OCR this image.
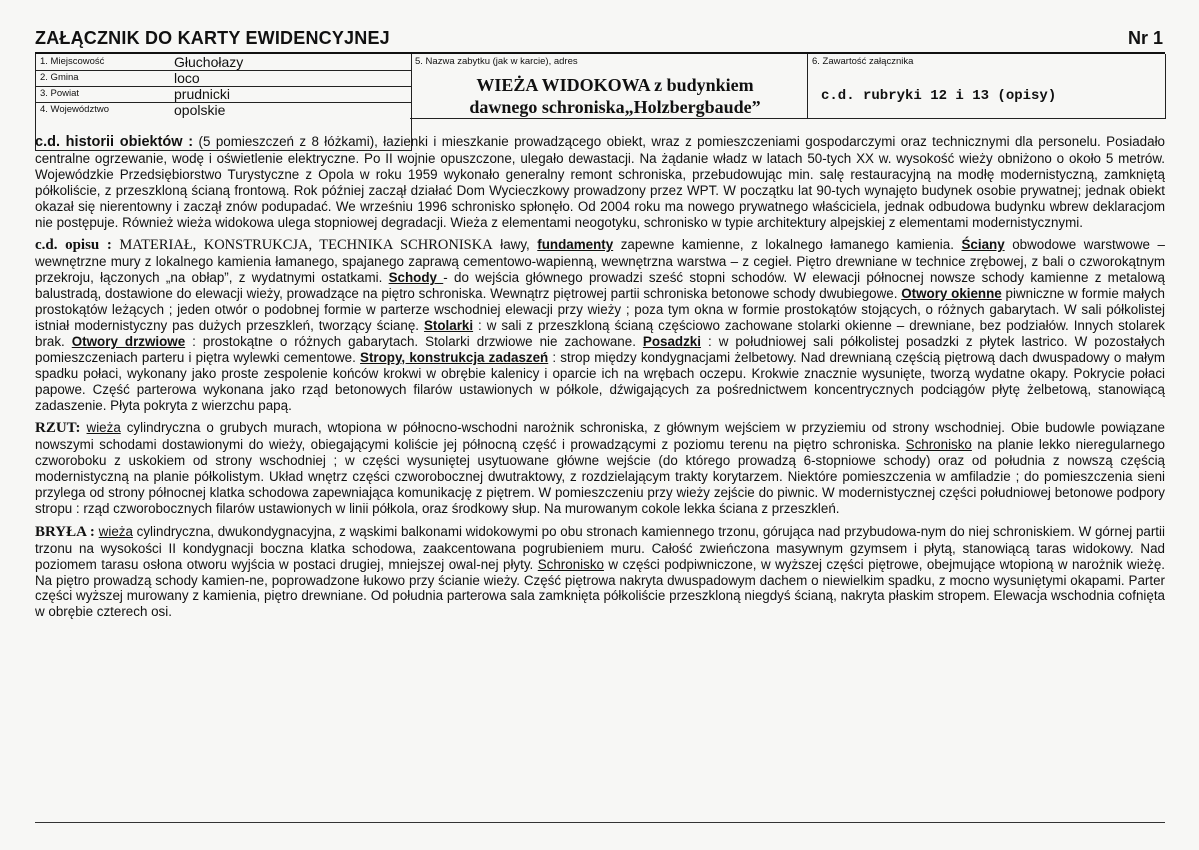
ZAŁĄCZNIK DO KARTY EWIDENCYJNEJ	Nr 1
1. Miejscowość	Głuchołazy
2. Gmina	loco
3. Powiat	prudnicki
4. Województwo	opolskie
5. Nazwa zabytku (jak w karcie), adres
WIEŻA WIDOKOWA z budynkiem
dawnego schroniska„Holzbergbaude”
6. Zawartość załącznika
c.d. rubryki 12 i 13 (opisy)

c.d. historii obiektów : (5 pomieszczeń z 8 łóżkami), łazienki i mieszkanie prowadzącego obiekt, wraz z pomieszczeniami gospodarczymi oraz technicznymi dla personelu. Posiadało centralne ogrzewanie, wodę i oświetlenie elektryczne. Po II wojnie opuszczone, ulegało dewastacji. Na żądanie władz w latach 50-tych XX w. wysokość wieży obniżono o około 5 metrów. Wojewódzkie Przedsiębiorstwo Turystyczne z Opola w roku 1959 wykonało generalny remont schroniska, przebudowując min. salę restauracyjną na modłę modernistyczną, zamkniętą półkoliście, z przeszkloną ścianą frontową. Rok później zaczął działać Dom Wycieczkowy prowadzony przez WPT. W początku lat 90-tych wynajęto budynek osobie prywatnej; jednak obiekt okazał się nierentowny i zaczął znów podupadać. We wrześniu 1996 schronisko spłonęło. Od 2004 roku ma nowego prywatnego właściciela, jednak odbudowa budynku wbrew deklaracjom nie postępuje. Również wieża widokowa ulega stopniowej degradacji. Wieża z elementami neogotyku, schronisko w typie architektury alpejskiej z elementami modernistycznymi.

c.d. opisu : MATERIAŁ, KONSTRUKCJA, TECHNIKA SCHRONISKA ławy, fundamenty zapewne kamienne, z lokalnego łamanego kamienia. Ściany obwodowe warstwowe – wewnętrzne mury z lokalnego kamienia łamanego, spajanego zaprawą cementowo-wapienną, wewnętrzna warstwa – z cegieł. Piętro drewniane w technice zrębowej, z bali o czworokątnym przekroju, łączonych „na obłap”, z wydatnymi ostatkami. Schody - do wejścia głównego prowadzi sześć stopni schodów. W elewacji północnej nowsze schody kamienne z metalową balustradą, dostawione do elewacji wieży, prowadzące na piętro schroniska. Wewnątrz piętrowej partii schroniska betonowe schody dwubiegowe. Otwory okienne piwniczne w formie małych prostokątów leżących ; jeden otwór o podobnej formie w parterze wschodniej elewacji przy wieży ; poza tym okna w formie prostokątów stojących, o różnych gabarytach. W sali półkolistej istniał modernistyczny pas dużych przeszkleń, tworzący ścianę. Stolarki : w sali z przeszkloną ścianą częściowo zachowane stolarki okienne – drewniane, bez podziałów. Innych stolarek brak. Otwory drzwiowe : prostokątne o różnych gabarytach. Stolarki drzwiowe nie zachowane. Posadzki : w południowej sali półkolistej posadzki z płytek lastrico. W pozostałych pomieszczeniach parteru i piętra wylewki cementowe. Stropy, konstrukcja zadaszeń : strop między kondygnacjami żelbetowy. Nad drewnianą częścią piętrową dach dwuspadowy o małym spadku połaci, wykonany jako proste zespolenie końców krokwi w obrębie kalenicy i oparcie ich na wrębach oczepu. Krokwie znacznie wysunięte, tworzą wydatne okapy. Pokrycie połaci papowe. Część parterowa wykonana jako rząd betonowych filarów ustawionych w półkole, dźwigających za pośrednictwem koncentrycznych podciągów płytę żelbetową, stanowiącą zadaszenie. Płyta pokryta z wierzchu papą.

RZUT: wieża cylindryczna o grubych murach, wtopiona w północno-wschodni narożnik schroniska, z głównym wejściem w przyziemiu od strony wschodniej. Obie budowle powiązane nowszymi schodami dostawionymi do wieży, obiegającymi koliście jej północną część i prowadzącymi z poziomu terenu na piętro schroniska. Schronisko na planie lekko nieregularnego czworoboku z uskokiem od strony wschodniej ; w części wysuniętej usytuowane główne wejście (do którego prowadzą 6-stopniowe schody) oraz od południa z nowszą częścią modernistyczną na planie półkolistym. Układ wnętrz części czworobocznej dwutraktowy, z rozdzielającym trakty korytarzem. Niektóre pomieszczenia w amfiladzie ; do pomieszczenia sieni przylega od strony północnej klatka schodowa zapewniająca komunikację z piętrem. W pomieszczeniu przy wieży zejście do piwnic. W modernistycznej części południowej betonowe podpory stropu : rząd czworobocznych filarów ustawionych w linii półkola, oraz środkowy słup. Na murowanym cokole lekka ściana z przeszkleń.

BRYŁA : wieża cylindryczna, dwukondygnacyjna, z wąskimi balkonami widokowymi po obu stronach kamiennego trzonu, górująca nad przybudowa-nym do niej schroniskiem. W górnej partii trzonu na wysokości II kondygnacji boczna klatka schodowa, zaakcentowana pogrubieniem muru. Całość zwieńczona masywnym gzymsem i płytą, stanowiącą taras widokowy. Nad poziomem tarasu osłona otworu wyjścia w postaci drugiej, mniejszej owal-nej płyty. Schronisko w części podpiwniczone, w wyższej części piętrowe, obejmujące wtopioną w narożnik wieżę. Na piętro prowadzą schody kamien-ne, poprowadzone łukowo przy ścianie wieży. Część piętrowa nakryta dwuspadowym dachem o niewielkim spadku, z mocno wysuniętymi okapami. Parter części wyższej murowany z kamienia, piętro drewniane. Od południa parterowa sala zamknięta półkoliście przeszkloną niegdyś ścianą, nakryta płaskim stropem. Elewacja wschodnia cofnięta w obrębie czterech osi.
